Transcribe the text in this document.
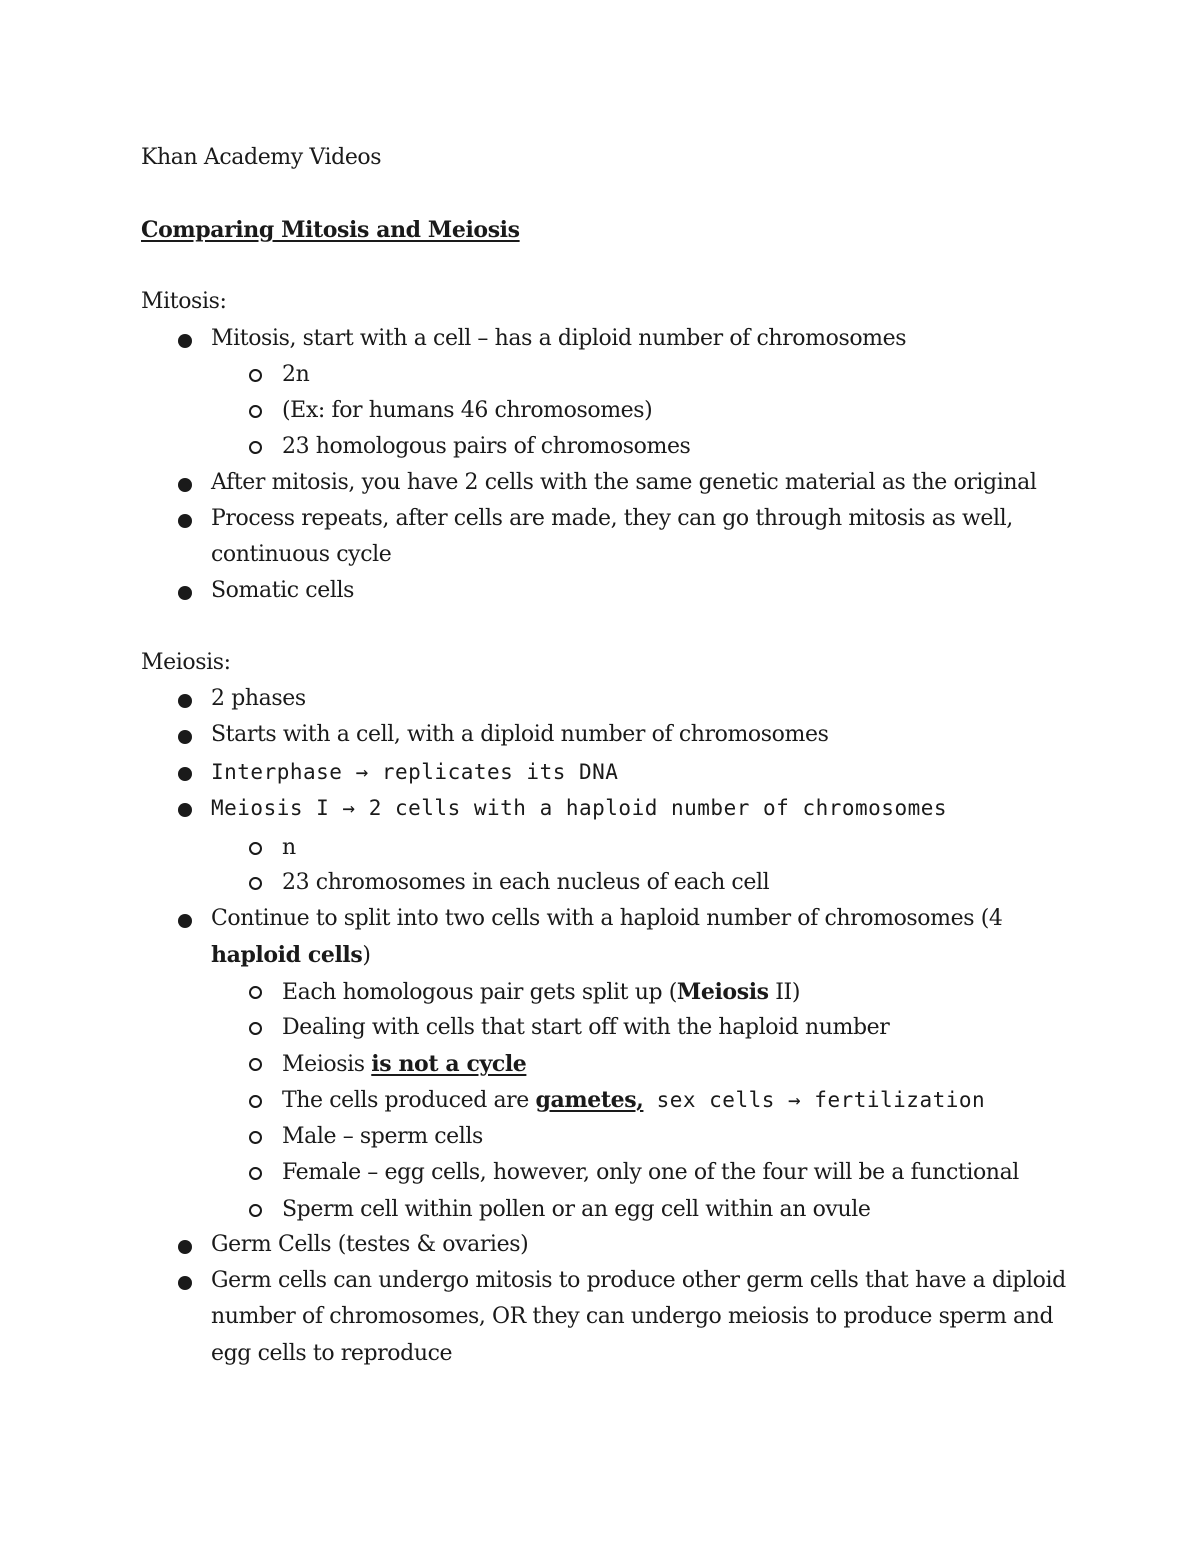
Khan Academy Videos
Comparing Mitosis and Meiosis
Mitosis:
Mitosis, start with a cell – has a diploid number of chromosomes
2n
(Ex: for humans 46 chromosomes)
23 homologous pairs of chromosomes
After mitosis, you have 2 cells with the same genetic material as the original
Process repeats, after cells are made, they can go through mitosis as well,
continuous cycle
Somatic cells
Meiosis:
2 phases
Starts with a cell, with a diploid number of chromosomes
Interphase → replicates its DNA
Meiosis I → 2 cells with a haploid number of chromosomes
n
23 chromosomes in each nucleus of each cell
Continue to split into two cells with a haploid number of chromosomes (4
haploid cells)
Each homologous pair gets split up (Meiosis II)
Dealing with cells that start off with the haploid number
Meiosis is not a cycle
The cells produced are gametes, sex cells → fertilization
Male – sperm cells
Female – egg cells, however, only one of the four will be a functional
Sperm cell within pollen or an egg cell within an ovule
Germ Cells (testes & ovaries)
Germ cells can undergo mitosis to produce other germ cells that have a diploid
number of chromosomes, OR they can undergo meiosis to produce sperm and
egg cells to reproduce
